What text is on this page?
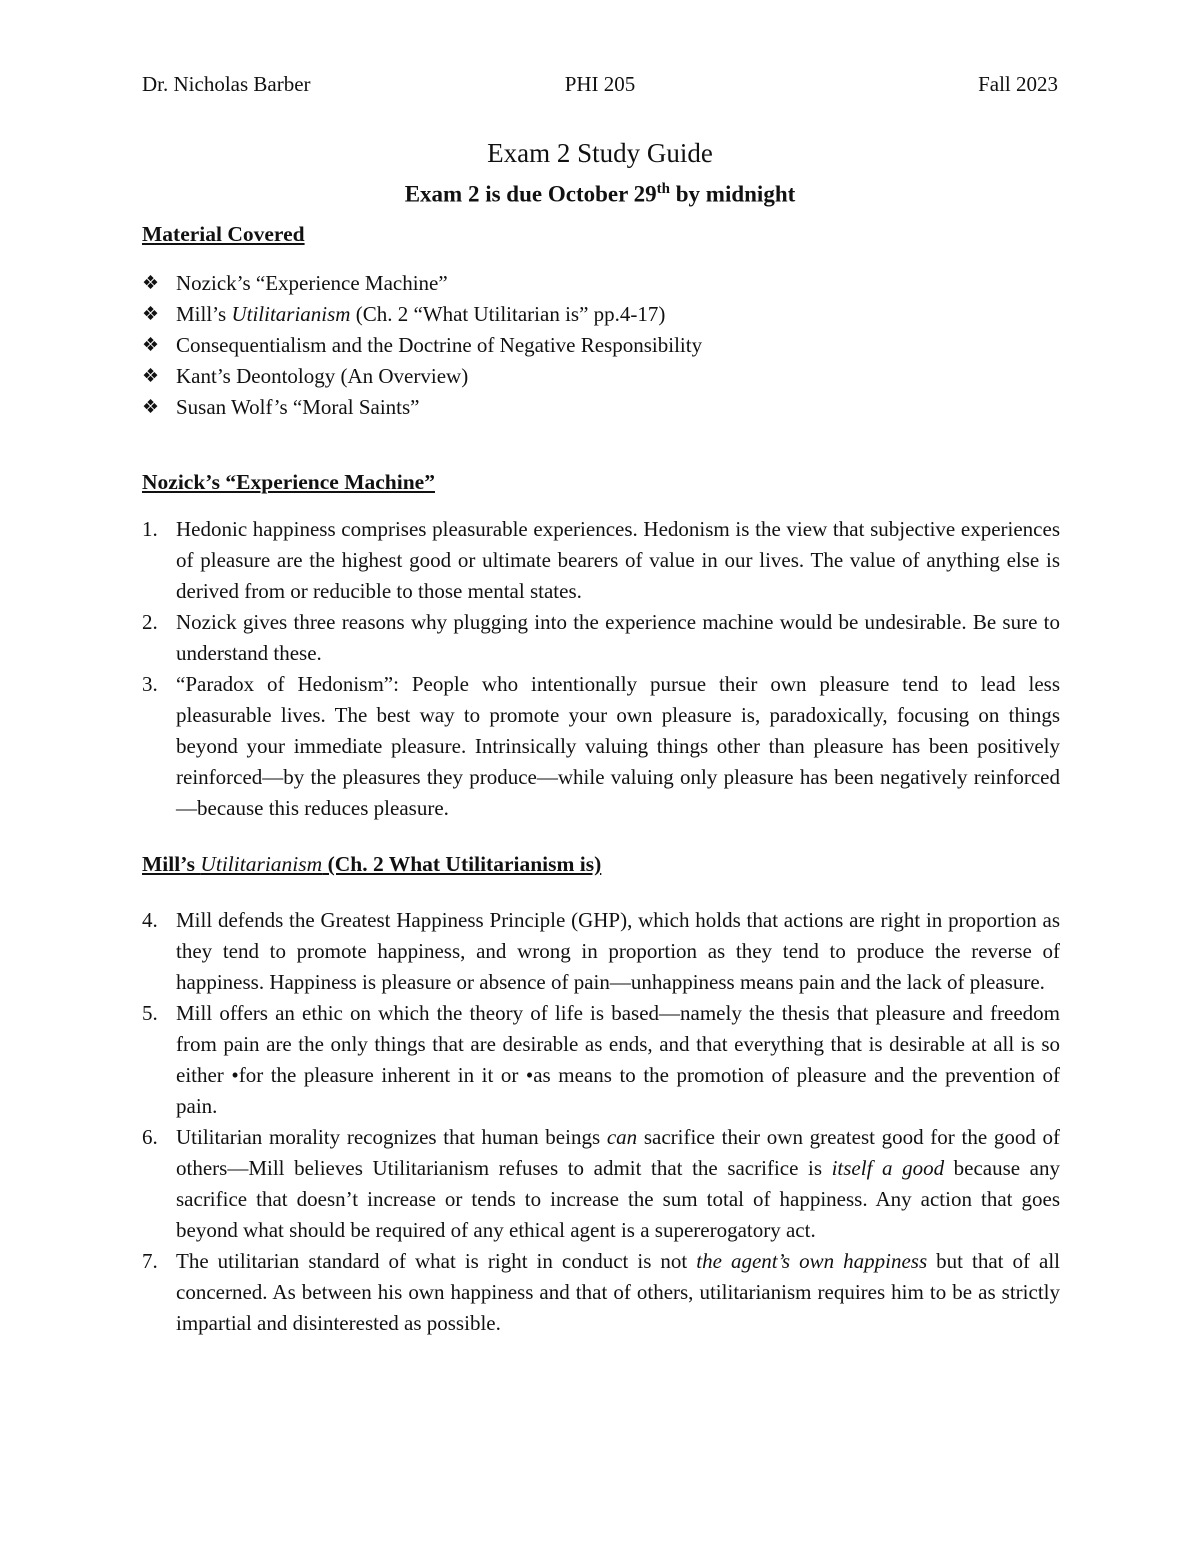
Dr. Nicholas Barber	PHI 205	Fall 2023
Exam 2 Study Guide
Exam 2 is due October 29th by midnight
Material Covered
❖ Nozick’s “Experience Machine”
❖ Mill’s Utilitarianism (Ch. 2 “What Utilitarian is” pp.4-17)
❖ Consequentialism and the Doctrine of Negative Responsibility
❖ Kant’s Deontology (An Overview)
❖ Susan Wolf’s “Moral Saints”
Nozick’s “Experience Machine”
1. Hedonic happiness comprises pleasurable experiences. Hedonism is the view that subjective experiences of pleasure are the highest good or ultimate bearers of value in our lives. The value of anything else is derived from or reducible to those mental states.
2. Nozick gives three reasons why plugging into the experience machine would be undesirable. Be sure to understand these.
3. “Paradox of Hedonism”: People who intentionally pursue their own pleasure tend to lead less pleasurable lives. The best way to promote your own pleasure is, paradoxically, focusing on things beyond your immediate pleasure. Intrinsically valuing things other than pleasure has been positively reinforced—by the pleasures they produce—while valuing only pleasure has been negatively reinforced—because this reduces pleasure.
Mill’s Utilitarianism (Ch. 2 What Utilitarianism is)
4. Mill defends the Greatest Happiness Principle (GHP), which holds that actions are right in proportion as they tend to promote happiness, and wrong in proportion as they tend to produce the reverse of happiness. Happiness is pleasure or absence of pain—unhappiness means pain and the lack of pleasure.
5. Mill offers an ethic on which the theory of life is based—namely the thesis that pleasure and freedom from pain are the only things that are desirable as ends, and that everything that is desirable at all is so either •for the pleasure inherent in it or •as means to the promotion of pleasure and the prevention of pain.
6. Utilitarian morality recognizes that human beings can sacrifice their own greatest good for the good of others—Mill believes Utilitarianism refuses to admit that the sacrifice is itself a good because any sacrifice that doesn’t increase or tends to increase the sum total of happiness. Any action that goes beyond what should be required of any ethical agent is a supererogatory act.
7. The utilitarian standard of what is right in conduct is not the agent’s own happiness but that of all concerned. As between his own happiness and that of others, utilitarianism requires him to be as strictly impartial and disinterested as possible.
